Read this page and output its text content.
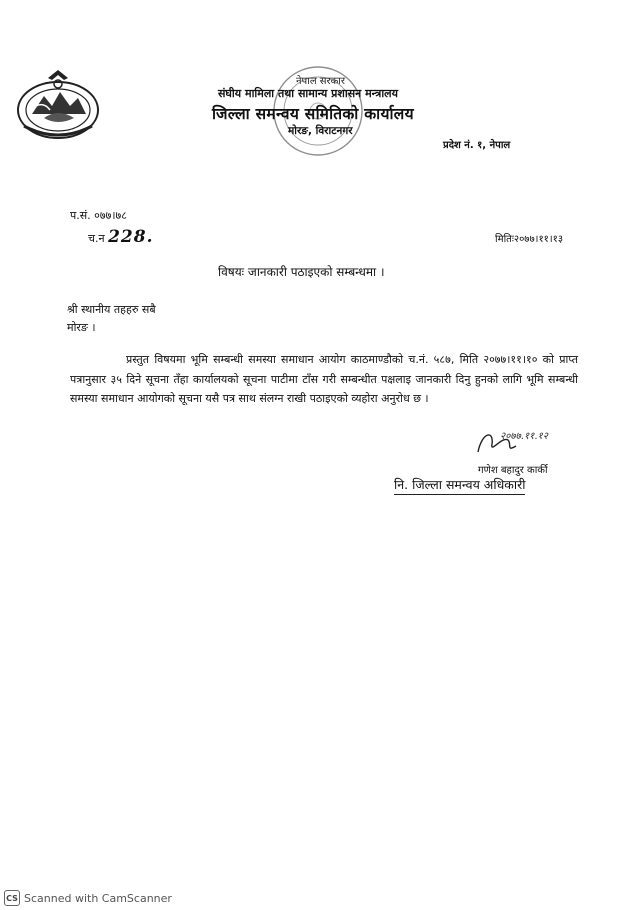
नेपाल सरकार
संघीय मामिला तथा सामान्य प्रशासन मन्त्रालय
जिल्ला समन्वय समितिको कार्यालय
मोरङ, विराटनगर
प्रदेश नं. १, नेपाल
प.सं. ०७७।७८
च.न 228.	मितिः२०७७।११।१३
विषयः जानकारी पठाइएको सम्बन्धमा ।
श्री स्थानीय तहहरु सबै
मोरङ ।

प्रस्तुत विषयमा भूमि सम्बन्धी समस्या समाधान आयोग काठमाण्डौको च.नं. ५८७, मिति २०७७।११।१० को प्राप्त पत्रानुसार ३५ दिने सूचना तँहा कार्यालयको सूचना पाटीमा टाँस गरी सम्बन्धीत पक्षलाइ जानकारी दिनु हुनको लागि भूमि सम्बन्धी समस्या समाधान आयोगको सूचना यसै पत्र साथ संलग्न राखी पठाइएको व्यहोरा अनुरोध छ ।

२०७७.११.१२
गणेश बहादुर कार्की
नि. जिल्ला समन्वय अधिकारी
CS Scanned with CamScanner
